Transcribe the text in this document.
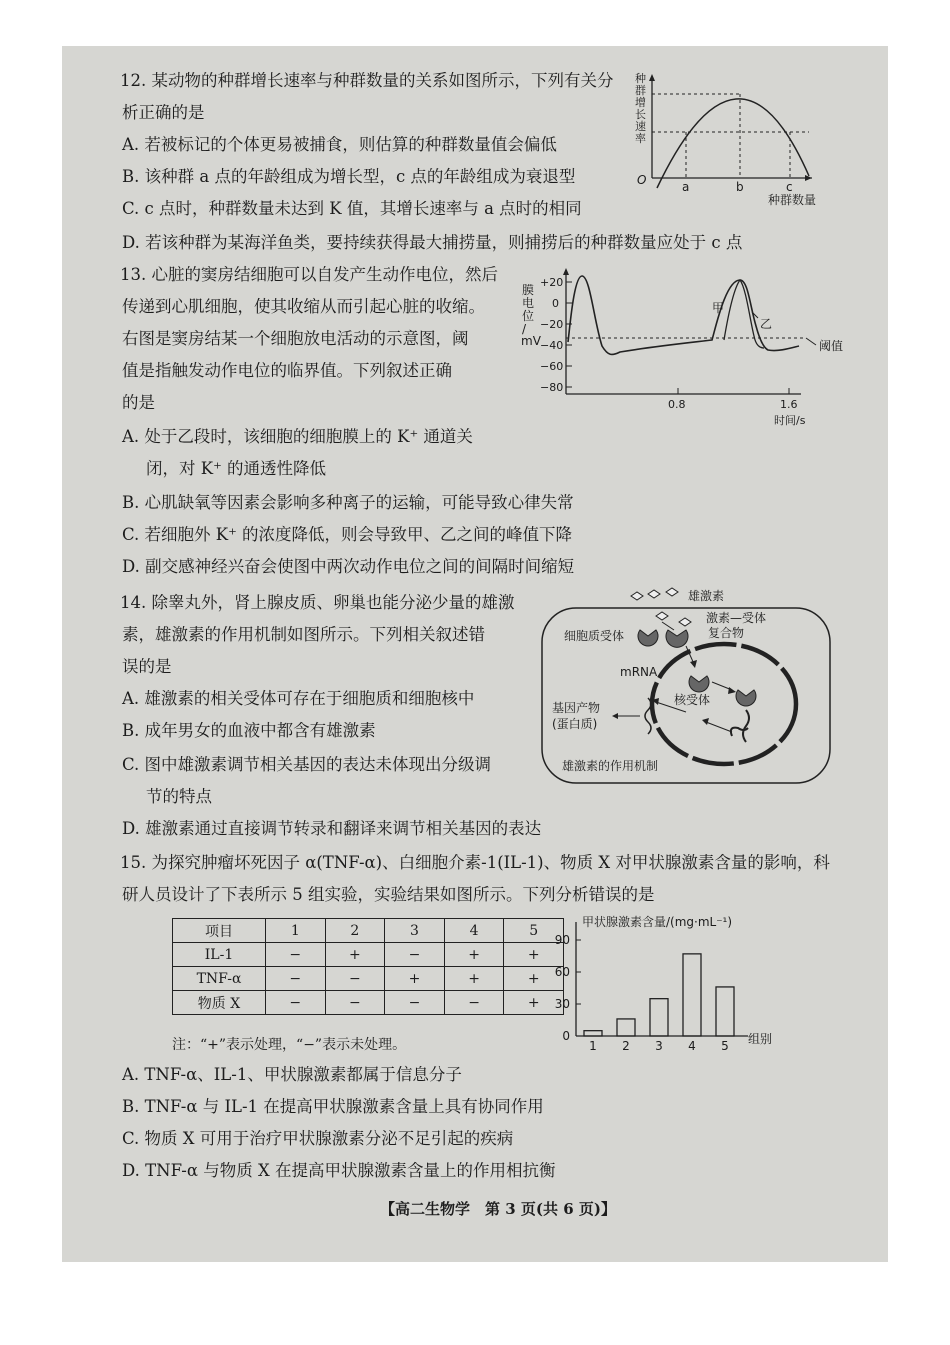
12. 某动物的种群增长速率与种群数量的关系如图所示，下列有关分
析正确的是
A. 若被标记的个体更易被捕食，则估算的种群数量值会偏低
B. 该种群 a 点的年龄组成为增长型，c 点的年龄组成为衰退型
C. c 点时，种群数量未达到 K 值，其增长速率与 a 点时的相同
D. 若该种群为某海洋鱼类，要持续获得最大捕捞量，则捕捞后的种群数量应处于 c 点
种群增长速率
O	a	b	c
种群数量
13. 心脏的窦房结细胞可以自发产生动作电位，然后
传递到心肌细胞，使其收缩从而引起心脏的收缩。
右图是窦房结某一个细胞放电活动的示意图，阈
值是指触发动作电位的临界值。下列叙述正确
的是
A. 处于乙段时，该细胞的细胞膜上的 K⁺ 通道关
闭，对 K⁺ 的通透性降低
B. 心肌缺氧等因素会影响多种离子的运输，可能导致心律失常
C. 若细胞外 K⁺ 的浓度降低，则会导致甲、乙之间的峰值下降
D. 副交感神经兴奋会使图中两次动作电位之间的间隔时间缩短
+20
0
−20
−40
−60
−80
膜电位/ mV	阈值
甲
乙
0.8	1.6
时间/s
14. 除睾丸外，肾上腺皮质、卵巢也能分泌少量的雄激
素，雄激素的作用机制如图所示。下列相关叙述错
误的是
A. 雄激素的相关受体可存在于细胞质和细胞核中
B. 成年男女的血液中都含有雄激素
C. 图中雄激素调节相关基因的表达未体现出分级调
节的特点
D. 雄激素通过直接调节转录和翻译来调节相关基因的表达
雄激素
激素—受体
复合物
细胞质受体
mRNA
核受体
基因产物
(蛋白质)
雄激素的作用机制
15. 为探究肿瘤坏死因子 α(TNF-α)、白细胞介素-1(IL-1)、物质 X 对甲状腺激素含量的影响，科
研人员设计了下表所示 5 组实验，实验结果如图所示。下列分析错误的是
项目	1	2	3	4	5
IL-1	−	+	−	+	+
TNF-α	−	−	+	+	+
物质 X	−	−	−	−	+
注：“+”表示处理，“−”表示未处理。
0
30
60
90
1 2 3 4 5
甲状腺激素含量/(mg·mL⁻¹)
组别
A. TNF-α、IL-1、甲状腺激素都属于信息分子
B. TNF-α 与 IL-1 在提高甲状腺激素含量上具有协同作用
C. 物质 X 可用于治疗甲状腺激素分泌不足引起的疾病
D. TNF-α 与物质 X 在提高甲状腺激素含量上的作用相抗衡
【高二生物学　第 3 页(共 6 页)】
